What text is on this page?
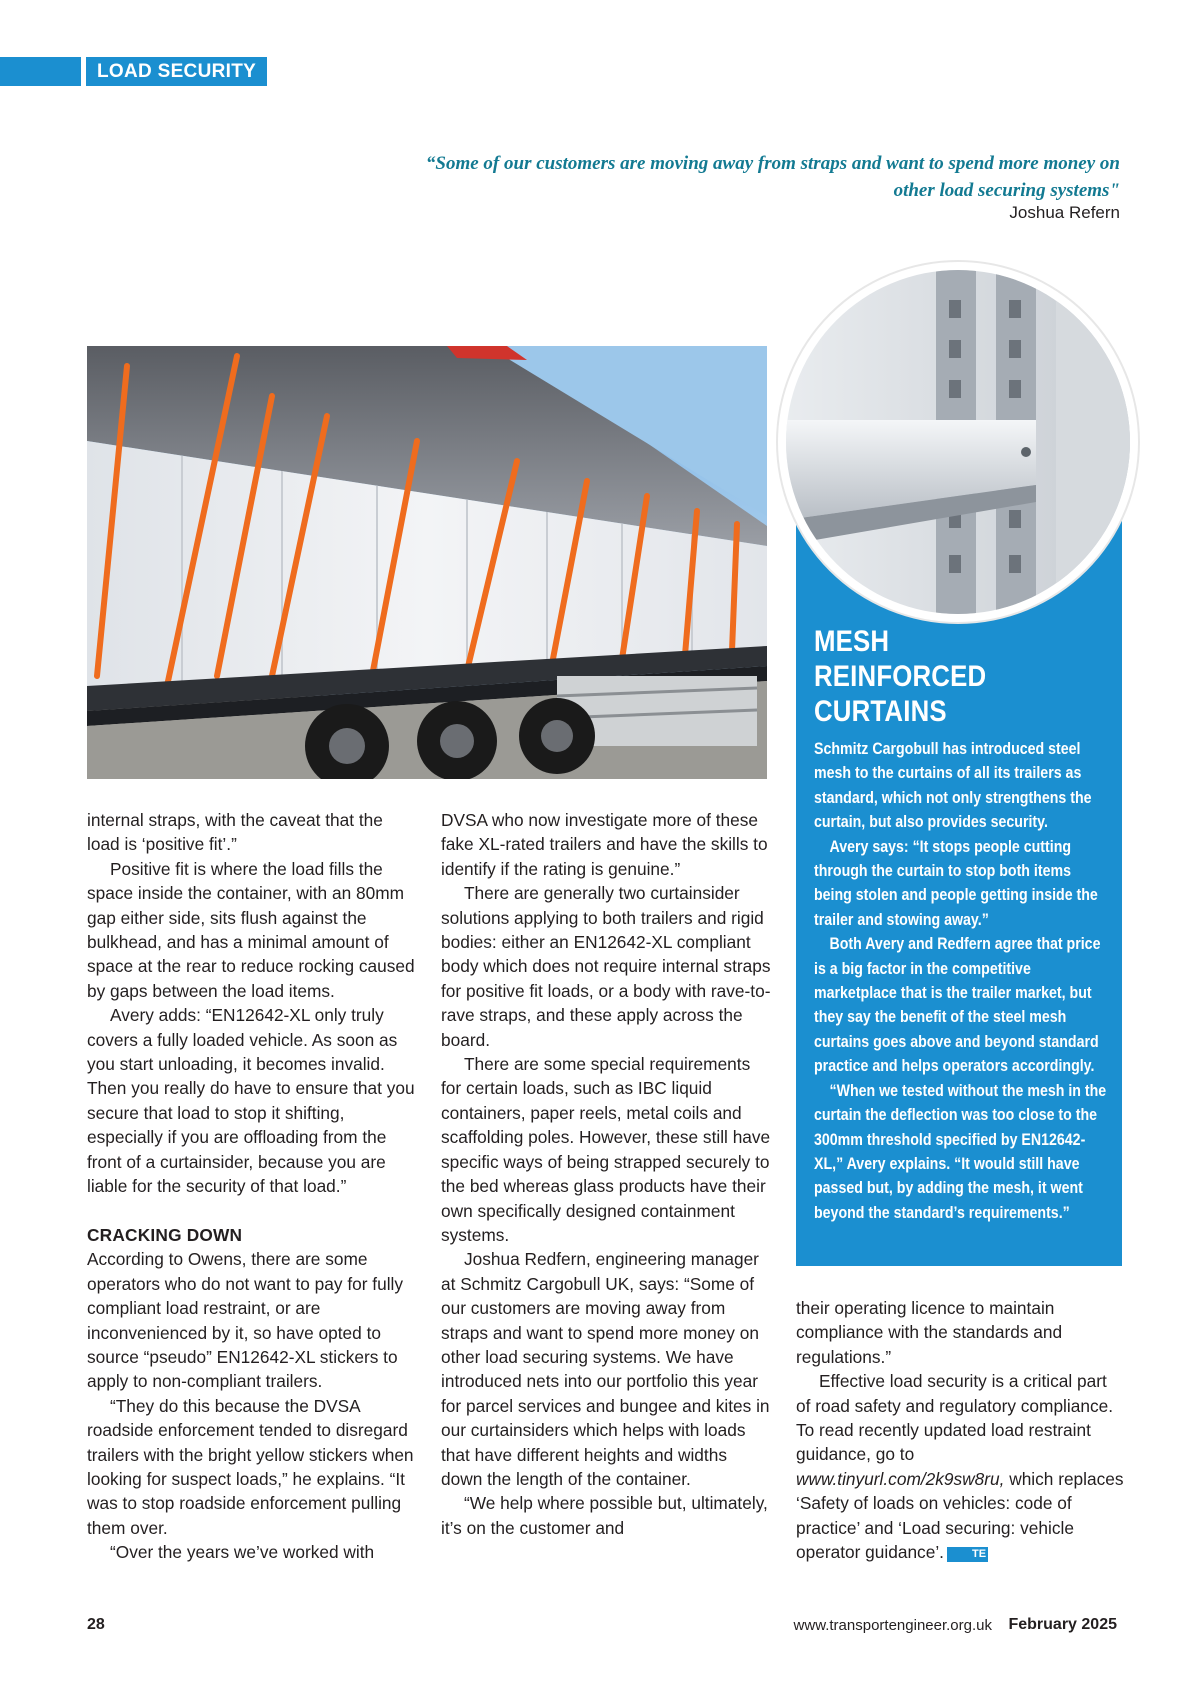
LOAD SECURITY
“Some of our customers are moving away from straps and want to spend more money on other load securing systems"
Joshua Refern
MESH
REINFORCED
CURTAINS

Schmitz Cargobull has introduced steel mesh to the curtains of all its trailers as standard, which not only strengthens the curtain, but also provides security.

Avery says: “It stops people cutting through the curtain to stop both items being stolen and people getting inside the trailer and stowing away.”

Both Avery and Redfern agree that price is a big factor in the competitive marketplace that is the trailer market, but they say the benefit of the steel mesh curtains goes above and beyond standard practice and helps operators accordingly.

“When we tested without the mesh in the curtain the deflection was too close to the 300mm threshold specified by EN12642-XL,” Avery explains. “It would still have passed but, by adding the mesh, it went beyond the standard’s requirements.”

internal straps, with the caveat that the load is ‘positive fit’.”

Positive fit is where the load fills the space inside the container, with an 80mm gap either side, sits flush against the bulkhead, and has a minimal amount of space at the rear to reduce rocking caused by gaps between the load items.

Avery adds: “EN12642-XL only truly covers a fully loaded vehicle. As soon as you start unloading, it becomes invalid. Then you really do have to ensure that you secure that load to stop it shifting, especially if you are offloading from the front of a curtainsider, because you are liable for the security of that load.”

CRACKING DOWN

According to Owens, there are some operators who do not want to pay for fully compliant load restraint, or are inconvenienced by it, so have opted to source “pseudo” EN12642-XL stickers to apply to non-compliant trailers.

“They do this because the DVSA roadside enforcement tended to disregard trailers with the bright yellow stickers when looking for suspect loads,” he explains. “It was to stop roadside enforcement pulling them over.

“Over the years we’ve worked with

DVSA who now investigate more of these fake XL-rated trailers and have the skills to identify if the rating is genuine.”

There are generally two curtainsider solutions applying to both trailers and rigid bodies: either an EN12642-XL compliant body which does not require internal straps for positive fit loads, or a body with rave-to-rave straps, and these apply across the board.

There are some special requirements for certain loads, such as IBC liquid containers, paper reels, metal coils and scaffolding poles. However, these still have specific ways of being strapped securely to the bed whereas glass products have their own specifically designed containment systems.

Joshua Redfern, engineering manager at Schmitz Cargobull UK, says: “Some of our customers are moving away from straps and want to spend more money on other load securing systems. We have introduced nets into our portfolio this year for parcel services and bungee and kites in our curtainsiders which helps with loads that have different heights and widths down the length of the container.

“We help where possible but, ultimately, it’s on the customer and

their operating licence to maintain compliance with the standards and regulations.”

Effective load security is a critical part of road safety and regulatory compliance. To read recently updated load restraint guidance, go to www.tinyurl.com/2k9sw8ru, which replaces ‘Safety of loads on vehicles: code of practice’ and ‘Load securing: vehicle operator guidance’.	TE

28	www.transportengineer.org.uk February 2025
